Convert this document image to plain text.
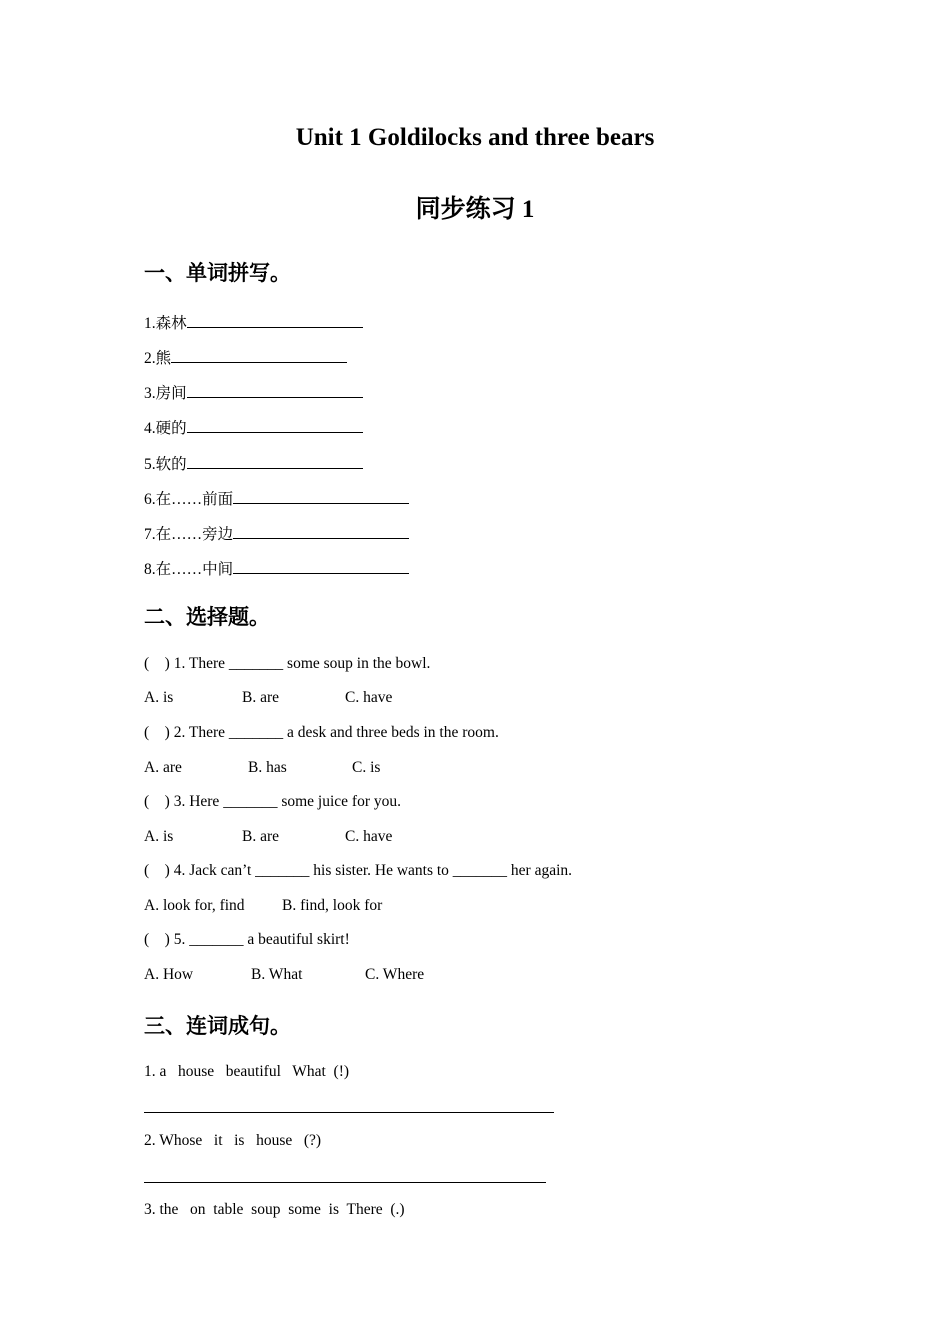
Unit 1 Goldilocks and three bears
同步练习 1
一、单词拼写。
1.森林
2.熊
3.房间
4.硬的
5.软的
6.在……前面
7.在……旁边
8.在……中间
二、选择题。
(    ) 1. There _______ some soup in the bowl.
A. is	B. are	C. have
(    ) 2. There _______ a desk and three beds in the room.
A. are	B. has	C. is
(    ) 3. Here _______ some juice for you.
A. is	B. are	C. have
(    ) 4. Jack can’t _______ his sister. He wants to _______ her again.
A. look for, find B. find, look for
(    ) 5. _______ a beautiful skirt!
A. How	B. What	C. Where
三、连词成句。
1. a   house   beautiful   What  (!)
2. Whose   it   is   house   (?)
3. the   on  table  soup  some  is  There  (.)
